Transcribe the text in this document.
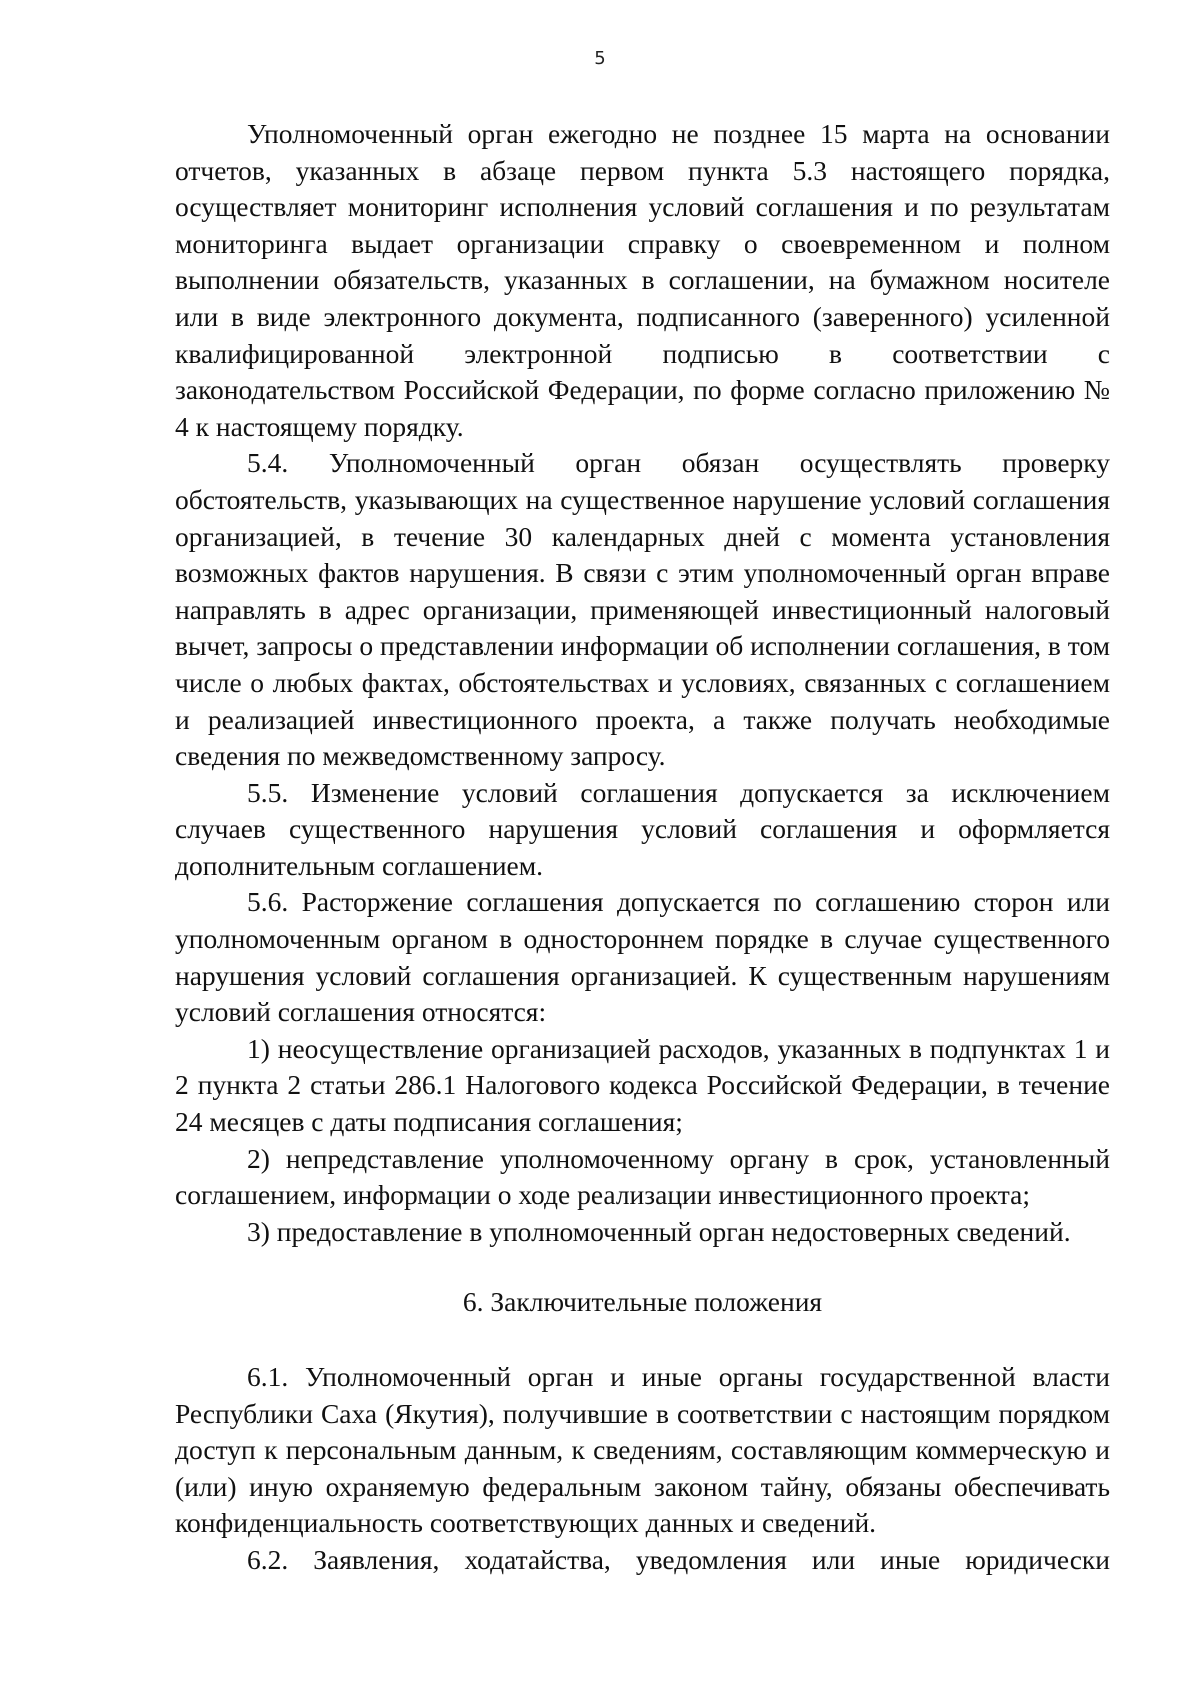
5

Уполномоченный орган ежегодно не позднее 15 марта на основании отчетов, указанных в абзаце первом пункта 5.3 настоящего порядка, осуществляет мониторинг исполнения условий соглашения и по результатам мониторинга выдает организации справку о своевременном и полном выполнении обязательств, указанных в соглашении, на бумажном носителе или в виде электронного документа, подписанного (заверенного) усиленной квалифицированной электронной подписью в соответствии с законодательством Российской Федерации, по форме согласно приложению № 4 к настоящему порядку.

5.4. Уполномоченный орган обязан осуществлять проверку обстоятельств, указывающих на существенное нарушение условий соглашения организацией, в течение 30 календарных дней с момента установления возможных фактов нарушения. В связи с этим уполномоченный орган вправе направлять в адрес организации, применяющей инвестиционный налоговый вычет, запросы о представлении информации об исполнении соглашения, в том числе о любых фактах, обстоятельствах и условиях, связанных с соглашением и реализацией инвестиционного проекта, а также получать необходимые сведения по межведомственному запросу.

5.5. Изменение условий соглашения допускается за исключением случаев существенного нарушения условий соглашения и оформляется дополнительным соглашением.

5.6. Расторжение соглашения допускается по соглашению сторон или уполномоченным органом в одностороннем порядке в случае существенного нарушения условий соглашения организацией. К существенным нарушениям условий соглашения относятся:

1) неосуществление организацией расходов, указанных в подпунктах 1 и 2 пункта 2 статьи 286.1 Налогового кодекса Российской Федерации, в течение 24 месяцев с даты подписания соглашения;

2) непредставление уполномоченному органу в срок, установленный соглашением, информации о ходе реализации инвестиционного проекта;

3) предоставление в уполномоченный орган недостоверных сведений.

6. Заключительные положения

6.1. Уполномоченный орган и иные органы государственной власти Республики Саха (Якутия), получившие в соответствии с настоящим порядком доступ к персональным данным, к сведениям, составляющим коммерческую и (или) иную охраняемую федеральным законом тайну, обязаны обеспечивать конфиденциальность соответствующих данных и сведений.

6.2. Заявления, ходатайства, уведомления или иные юридически
